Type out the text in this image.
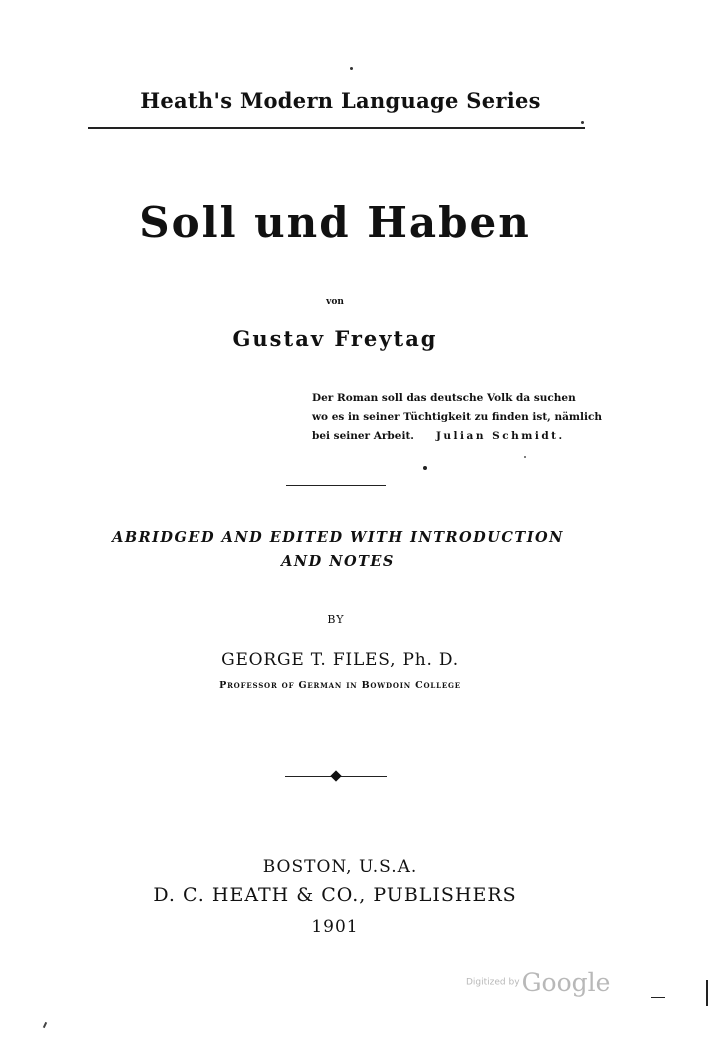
Heath's Modern Language Series
Soll und Haben
von
Gustav Freytag
Der Roman soll das deutsche Volk da suchen
wo es in seiner Tüchtigkeit zu finden ist, nämlich
bei seiner Arbeit. Julian Schmidt.
ABRIDGED AND EDITED WITH INTRODUCTION
AND NOTES
BY
GEORGE T. FILES, Ph. D.
Professor of German in Bowdoin College
BOSTON, U.S.A.
D. C. HEATH & CO., PUBLISHERS
1901
Digitized byGoogle
